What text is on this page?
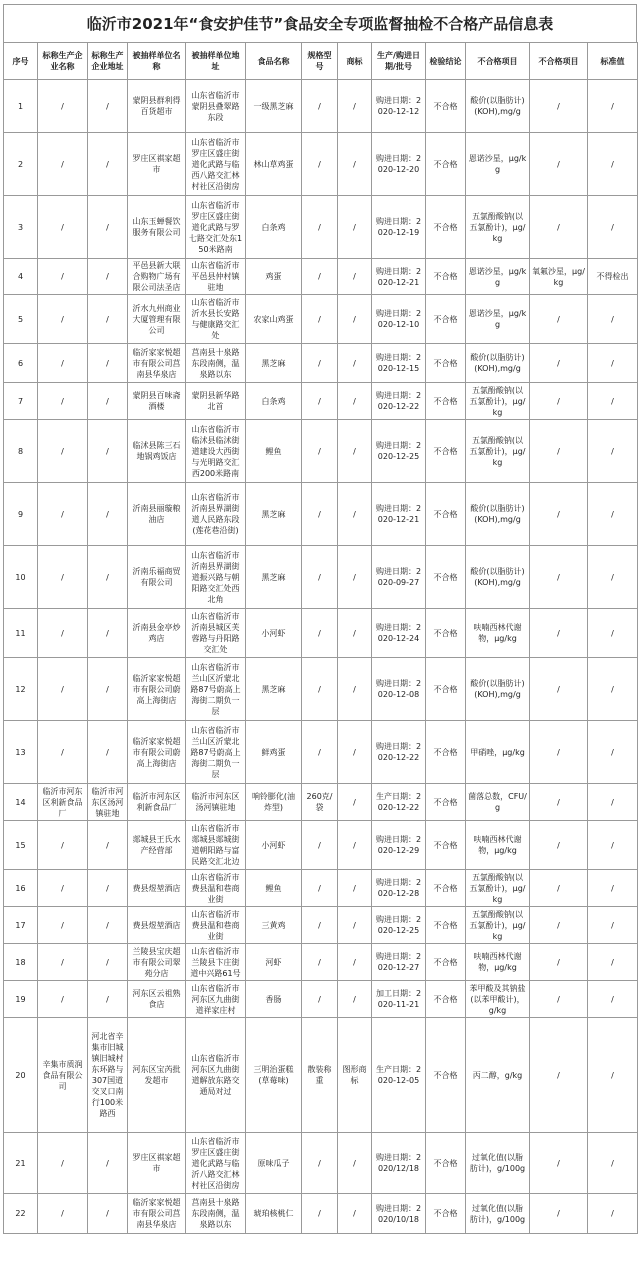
临沂市2021年“食安护佳节”食品安全专项监督抽检不合格产品信息表
序号	标称生产企业名称	标称生产企业地址	被抽样单位名称	被抽样单位地址	食品名称	规格型号	商标	生产/购进日期/批号	检验结论	不合格项目	不合格项目	标准值
1	/	/	蒙阴县群利得百货超市	山东省临沂市蒙阴县叠翠路东段	一级黑芝麻	/	/	购进日期：2020-12-12	不合格	酸价(以脂肪计)(KOH),mg/g	/	/
2	/	/	罗庄区祺家超市	山东省临沂市罗庄区盛庄街道化武路与临西八路交汇林村社区沿街房	林山草鸡蛋	/	/	购进日期：2020-12-20	不合格	恩诺沙星，μg/kg	/	/
3	/	/	山东玉蝉餐饮服务有限公司	山东省临沂市罗庄区盛庄街道化武路与罗七路交汇处东150米路南	白条鸡	/	/	购进日期：2020-12-19	不合格	五氯酚酸钠(以五氯酚计)，μg/kg	/	/
4	/	/	平邑县新大联合购物广场有限公司法圣店	山东省临沂市平邑县仲村镇驻地	鸡蛋	/	/	购进日期：2020-12-21	不合格	恩诺沙星，μg/kg	氧氟沙星，μg/kg	不得检出
5	/	/	沂水九州商业大厦管理有限公司	山东省临沂市沂水县长安路与健康路交汇处	农家山鸡蛋	/	/	购进日期：2020-12-10	不合格	恩诺沙星，μg/kg	/	/
6	/	/	临沂家家悦超市有限公司莒南县华泉店	莒南县十泉路东段南侧，温泉路以东	黑芝麻	/	/	购进日期：2020-12-15	不合格	酸价(以脂肪计)(KOH),mg/g	/	/
7	/	/	蒙阴县百味斋酒楼	蒙阴县新华路北首	白条鸡	/	/	购进日期：2020-12-22	不合格	五氯酚酸钠(以五氯酚计)，μg/kg	/	/
8	/	/	临沭县陈三石地锅鸡饭店	山东省临沂市临沭县临沭街道建设大西街与光明路交汇西200米路南	鲤鱼	/	/	购进日期：2020-12-25	不合格	五氯酚酸钠(以五氯酚计)，μg/kg	/	/
9	/	/	沂南县丽璇粮油店	山东省临沂市沂南县界湖街道人民路东段(莲花巷沿街)	黑芝麻	/	/	购进日期：2020-12-21	不合格	酸价(以脂肪计)(KOH),mg/g	/	/
10	/	/	沂南乐福商贸有限公司	山东省临沂市沂南县界湖街道振兴路与朝阳路交汇处西北角	黑芝麻	/	/	购进日期：2020-09-27	不合格	酸价(以脂肪计)(KOH),mg/g	/	/
11	/	/	沂南县金亭炒鸡店	山东省临沂市沂南县城区芙蓉路与丹阳路交汇处	小河虾	/	/	购进日期：2020-12-24	不合格	呋喃西林代谢物，μg/kg	/	/
12	/	/	临沂家家悦超市有限公司蔚高上海街店	山东省临沂市兰山区沂蒙北路87号蔚高上海街二期负一层	黑芝麻	/	/	购进日期：2020-12-08	不合格	酸价(以脂肪计)(KOH),mg/g	/	/
13	/	/	临沂家家悦超市有限公司蔚高上海街店	山东省临沂市兰山区沂蒙北路87号蔚高上海街二期负一层	鲜鸡蛋	/	/	购进日期：2020-12-22	不合格	甲硝唑，μg/kg	/	/
14	临沂市河东区利新食品厂	临沂市河东区汤河镇驻地	临沂市河东区利新食品厂	临沂市河东区汤河镇驻地	响铃膨化(油炸型)	260克/袋	/	生产日期：2020-12-22	不合格	菌落总数，CFU/g	/	/
15	/	/	郯城县王氏水产经营部	山东省临沂市郯城县郯城街道朝阳路与富民路交汇北边	小河虾	/	/	购进日期：2020-12-29	不合格	呋喃西林代谢物，μg/kg	/	/
16	/	/	费县煜堃酒店	山东省临沂市费县温和巷商业街	鲤鱼	/	/	购进日期：2020-12-28	不合格	五氯酚酸钠(以五氯酚计)，μg/kg	/	/
17	/	/	费县煜堃酒店	山东省临沂市费县温和巷商业街	三黄鸡	/	/	购进日期：2020-12-25	不合格	五氯酚酸钠(以五氯酚计)，μg/kg	/	/
18	/	/	兰陵县宝庆超市有限公司翠苑分店	山东省临沂市兰陵县卞庄街道中兴路61号	河虾	/	/	购进日期：2020-12-27	不合格	呋喃西林代谢物，μg/kg	/	/
19	/	/	河东区云祖熟食店	山东省临沂市河东区九曲街道祥家庄村	香肠	/	/	加工日期：2020-11-21	不合格	苯甲酸及其钠盐(以苯甲酸计)，g/kg	/	/
20	辛集市质润食品有限公司	河北省辛集市旧城镇旧城村东环路与307国道交叉口南行100米路西	河东区宝芮批发超市	山东省临沂市河东区九曲街道解放东路交通局对过	三明治蛋糕(草莓味)	散装称重	图形商标	生产日期：2020-12-05	不合格	丙二醇，g/kg	/	/
21	/	/	罗庄区祺家超市	山东省临沂市罗庄区盛庄街道化武路与临沂八路交汇林村社区沿街房	原味瓜子	/	/	购进日期：2020/12/18	不合格	过氧化值(以脂肪计)，g/100g	/	/
22	/	/	临沂家家悦超市有限公司莒南县华泉店	莒南县十泉路东段南侧，温泉路以东	琥珀核桃仁	/	/	购进日期：2020/10/18	不合格	过氧化值(以脂肪计)，g/100g	/	/
